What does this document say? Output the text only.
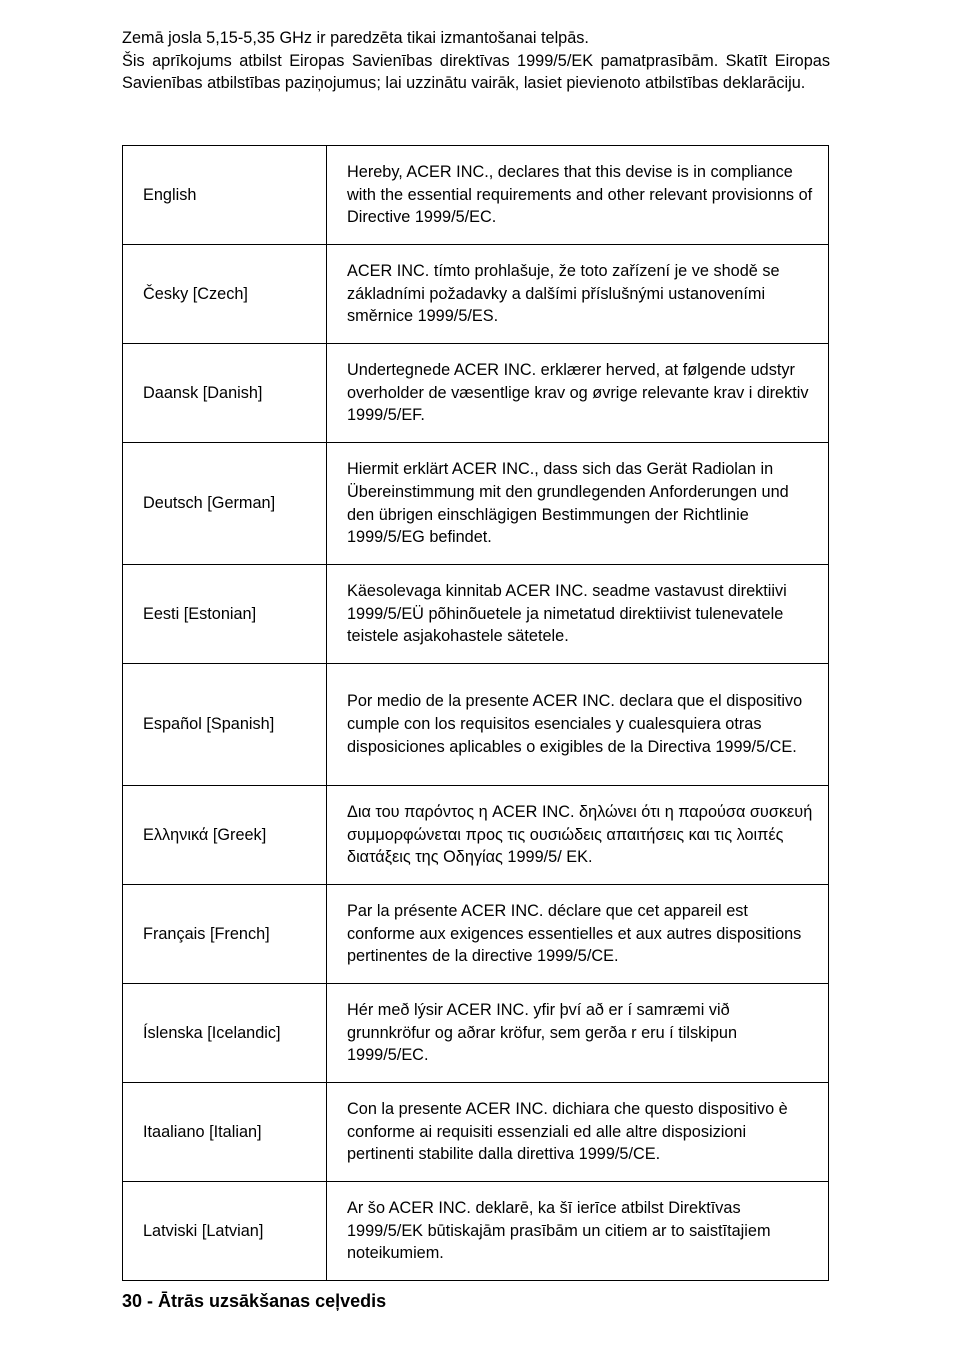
Zemā josla 5,15-5,35 GHz ir paredzēta tikai izmantošanai telpās.

Šis aprīkojums atbilst Eiropas Savienības direktīvas 1999/5/EK pamatprasībām. Skatīt Eiropas Savienības atbilstības paziņojumus; lai uzzinātu vairāk, lasiet pievienoto atbilstības deklarāciju.

English	Hereby, ACER INC., declares that this devise is in compliance with the essential requirements and other relevant provisionns of Directive 1999/5/EC.
Česky [Czech]	ACER INC. tímto prohlašuje, že toto zařízení je ve shodě se základními požadavky a dalšími příslušnými ustanoveními směrnice 1999/5/ES.
Daansk [Danish]	Undertegnede ACER INC. erklærer herved, at følgende udstyr overholder de væsentlige krav og øvrige relevante krav i direktiv 1999/5/EF.
Deutsch [German]	Hiermit erklärt ACER INC., dass sich das Gerät Radiolan in Übereinstimmung mit den grundlegenden Anforderungen und den übrigen einschlägigen Bestimmungen der Richtlinie 1999/5/EG befindet.
Eesti [Estonian]	Käesolevaga kinnitab ACER INC. seadme vastavust direktiivi 1999/5/EÜ põhinõuetele ja nimetatud direktiivist tulenevatele teistele asjakohastele sätetele.
Español [Spanish]	Por medio de la presente ACER INC. declara que el dispositivo cumple con los requisitos esenciales y cualesquiera otras disposiciones aplicables o exigibles de la Directiva 1999/5/CE.
Ελληνικά [Greek]	Δια του παρόντος η ACER INC. δηλώνει ότι η παρούσα συσκευή συμμορφώνεται προς τις ουσιώδεις απαιτήσεις και τις λοιπές διατάξεις της Οδηγίας 1999/5/ ΕΚ.
Français [French]	Par la présente ACER INC. déclare que cet appareil est conforme aux exigences essentielles et aux autres dispositions pertinentes de la directive 1999/5/CE.
Íslenska [Icelandic]	Hér með lýsir ACER INC. yfir því að er í samræmi við grunnkröfur og aðrar kröfur, sem gerða r eru í tilskipun 1999/5/EC.
Itaaliano [Italian]	Con la presente ACER INC. dichiara che questo dispositivo è conforme ai requisiti essenziali ed alle altre disposizioni pertinenti stabilite dalla direttiva 1999/5/CE.
Latviski [Latvian]	Ar šo ACER INC. deklarē, ka šī ierīce atbilst Direktīvas 1999/5/EK būtiskajām prasībām un citiem ar to saistītajiem noteikumiem.
30 - Ātrās uzsākšanas ceļvedis
